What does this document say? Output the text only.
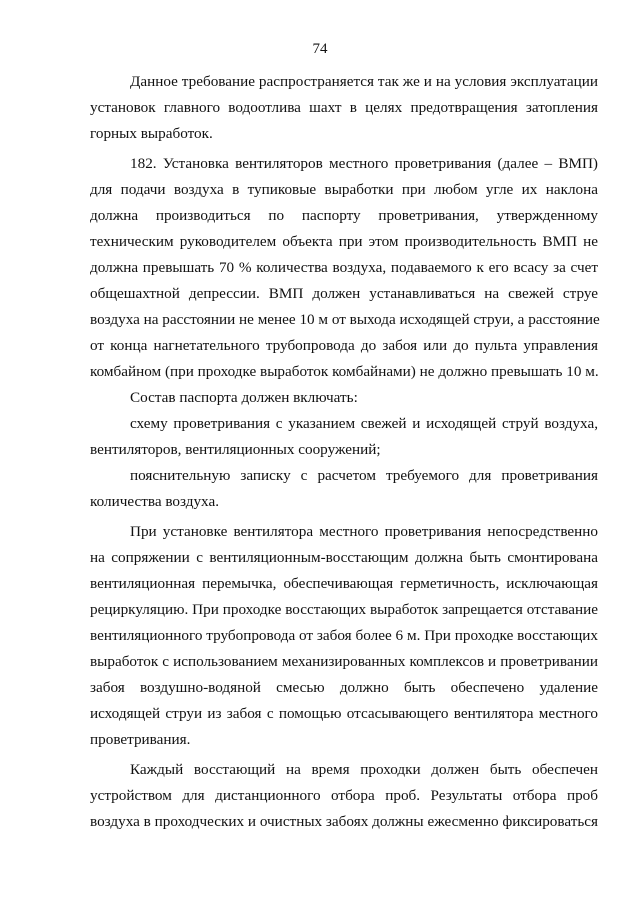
74
Данное требование распространяется так же и на условия эксплуатации
установок главного водоотлива шахт в целях предотвращения затопления
горных выработок.
182. Установка вентиляторов местного проветривания (далее – ВМП)
для подачи воздуха в тупиковые выработки при любом угле их наклона
должна производиться по паспорту проветривания, утвержденному
техническим руководителем объекта при этом производительность ВМП не
должна превышать 70 % количества воздуха, подаваемого к его всасу за счет
общешахтной депрессии. ВМП должен устанавливаться на свежей струе
воздуха на расстоянии не менее 10 м от выхода исходящей струи, а расстояние
от конца нагнетательного трубопровода до забоя или до пульта управления
комбайном (при проходке выработок комбайнами) не должно превышать 10 м.
Состав паспорта должен включать:
схему проветривания с указанием свежей и исходящей струй воздуха,
вентиляторов, вентиляционных сооружений;
пояснительную записку с расчетом требуемого для проветривания
количества воздуха.
При установке вентилятора местного проветривания непосредственно
на сопряжении с вентиляционным-восстающим должна быть смонтирована
вентиляционная перемычка, обеспечивающая герметичность, исключающая
рециркуляцию. При проходке восстающих выработок запрещается отставание
вентиляционного трубопровода от забоя более 6 м. При проходке восстающих
выработок с использованием механизированных комплексов и проветривании
забоя воздушно-водяной смесью должно быть обеспечено удаление
исходящей струи из забоя с помощью отсасывающего вентилятора местного
проветривания.
Каждый восстающий на время проходки должен быть обеспечен
устройством для дистанционного отбора проб. Результаты отбора проб
воздуха в проходческих и очистных забоях должны ежесменно фиксироваться
